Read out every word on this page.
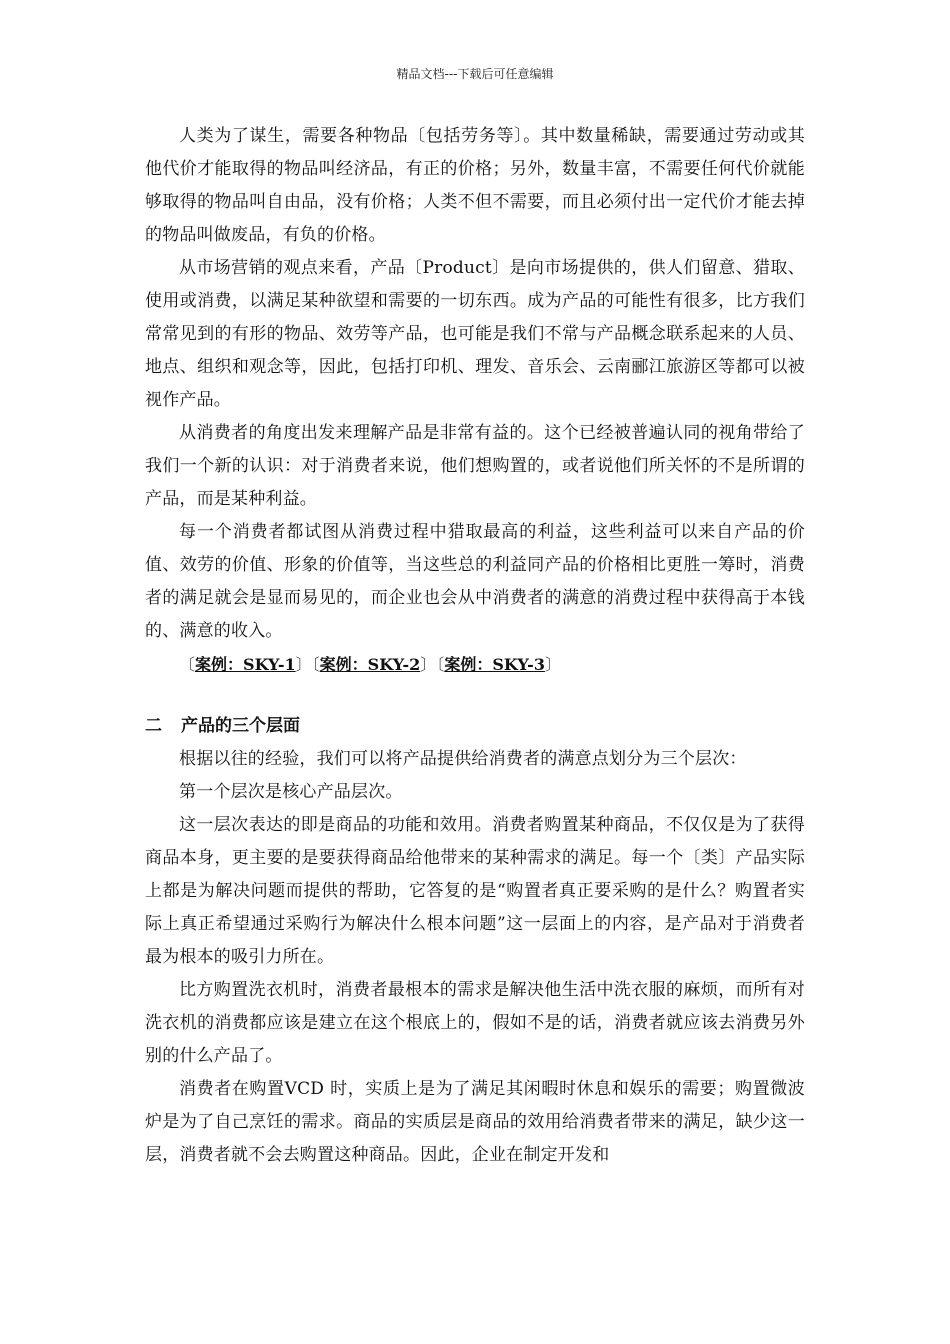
精品文档---下载后可任意编辑

人类为了谋生，需要各种物品〔包括劳务等〕。其中数量稀缺，需要通过劳动或其他代价才能取得的物品叫经济品，有正的价格；另外，数量丰富，不需要任何代价就能够取得的物品叫自由品，没有价格；人类不但不需要，而且必须付出一定代价才能去掉的物品叫做废品，有负的价格。

从市场营销的观点来看，产品〔Product〕是向市场提供的，供人们留意、猎取、使用或消费，以满足某种欲望和需要的一切东西。成为产品的可能性有很多，比方我们常常见到的有形的物品、效劳等产品，也可能是我们不常与产品概念联系起来的人员、地点、组织和观念等，因此，包括打印机、理发、音乐会、云南郦江旅游区等都可以被视作产品。

从消费者的角度出发来理解产品是非常有益的。这个已经被普遍认同的视角带给了我们一个新的认识：对于消费者来说，他们想购置的，或者说他们所关怀的不是所谓的产品，而是某种利益。

每一个消费者都试图从消费过程中猎取最高的利益，这些利益可以来自产品的价值、效劳的价值、形象的价值等，当这些总的利益同产品的价格相比更胜一筹时，消费者的满足就会是显而易见的，而企业也会从中消费者的满意的消费过程中获得高于本钱的、满意的收入。

〔案例：SKY-1〕〔案例：SKY-2〕〔案例：SKY-3〕

二 产品的三个层面

根据以往的经验，我们可以将产品提供给消费者的满意点划分为三个层次：

第一个层次是核心产品层次。

这一层次表达的即是商品的功能和效用。消费者购置某种商品，不仅仅是为了获得商品本身，更主要的是要获得商品给他带来的某种需求的满足。每一个〔类〕产品实际上都是为解决问题而提供的帮助，它答复的是“购置者真正要采购的是什么？购置者实际上真正希望通过采购行为解决什么根本问题”这一层面上的内容，是产品对于消费者最为根本的吸引力所在。

比方购置洗衣机时，消费者最根本的需求是解决他生活中洗衣服的麻烦，而所有对洗衣机的消费都应该是建立在这个根底上的，假如不是的话，消费者就应该去消费另外别的什么产品了。

消费者在购置VCD 时，实质上是为了满足其闲暇时休息和娱乐的需要；购置微波炉是为了自己烹饪的需求。商品的实质层是商品的效用给消费者带来的满足，缺少这一层，消费者就不会去购置这种商品。因此，企业在制定开发和
